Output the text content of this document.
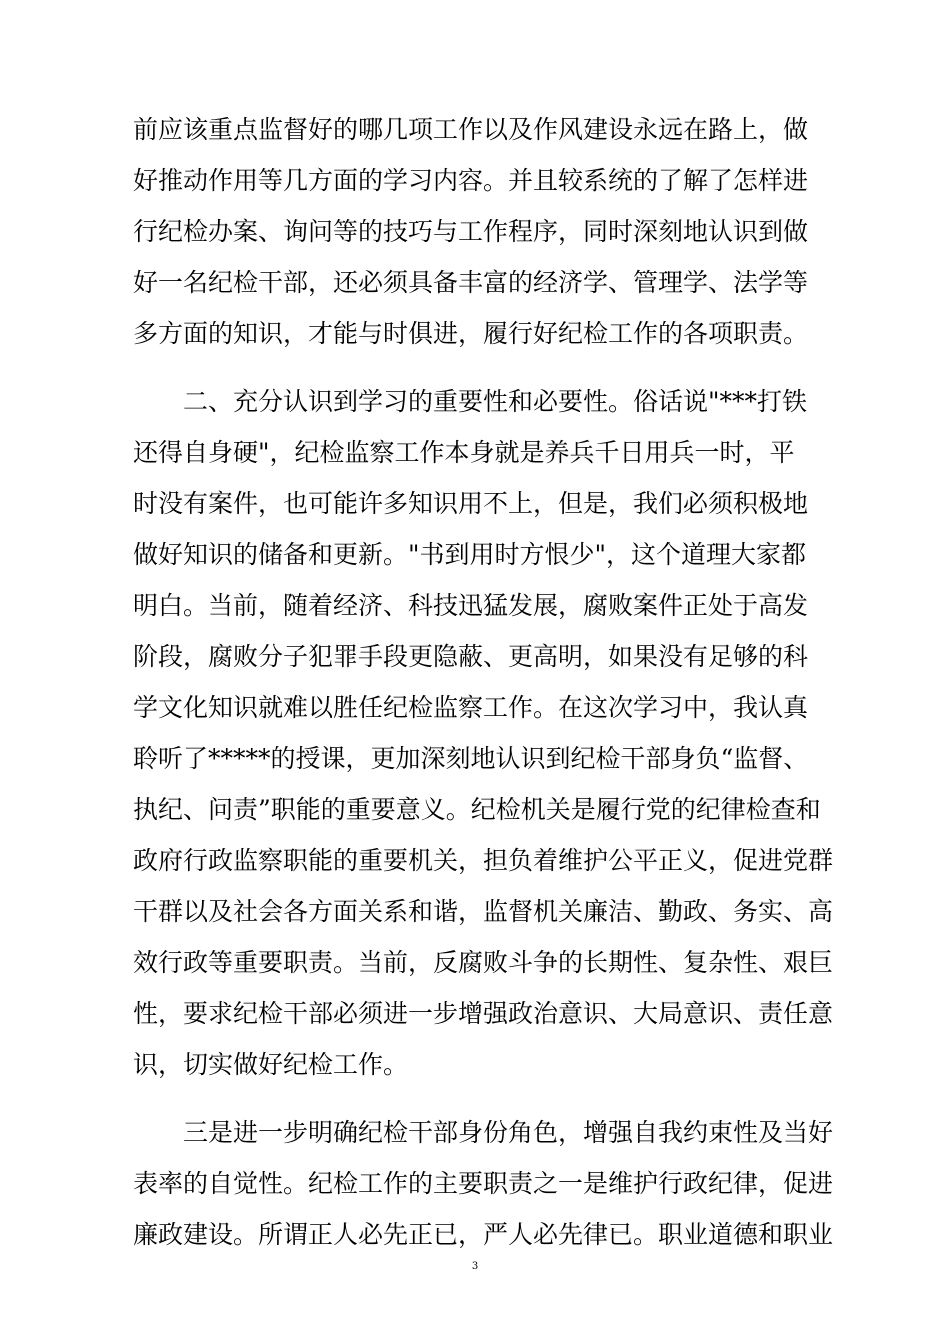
前应该重点监督好的哪几项工作以及作风建设永远在路上，做
好推动作用等几方面的学习内容。并且较系统的了解了怎样进
行纪检办案、询问等的技巧与工作程序，同时深刻地认识到做
好一名纪检干部，还必须具备丰富的经济学、管理学、法学等
多方面的知识，才能与时俱进，履行好纪检工作的各项职责。
　　二、充分认识到学习的重要性和必要性。俗话说"***打铁
还得自身硬"，纪检监察工作本身就是养兵千日用兵一时，平
时没有案件，也可能许多知识用不上，但是，我们必须积极地
做好知识的储备和更新。"书到用时方恨少"，这个道理大家都
明白。当前，随着经济、科技迅猛发展，腐败案件正处于高发
阶段，腐败分子犯罪手段更隐蔽、更高明，如果没有足够的科
学文化知识就难以胜任纪检监察工作。在这次学习中，我认真
聆听了*****的授课，更加深刻地认识到纪检干部身负“监督、
执纪、问责”职能的重要意义。纪检机关是履行党的纪律检查和
政府行政监察职能的重要机关，担负着维护公平正义，促进党群
干群以及社会各方面关系和谐，监督机关廉洁、勤政、务实、高
效行政等重要职责。当前，反腐败斗争的长期性、复杂性、艰巨
性，要求纪检干部必须进一步增强政治意识、大局意识、责任意
识，切实做好纪检工作。
　　三是进一步明确纪检干部身份角色，增强自我约束性及当好
表率的自觉性。纪检工作的主要职责之一是维护行政纪律，促进
廉政建设。所谓正人必先正已，严人必先律已。职业道德和职业
3
